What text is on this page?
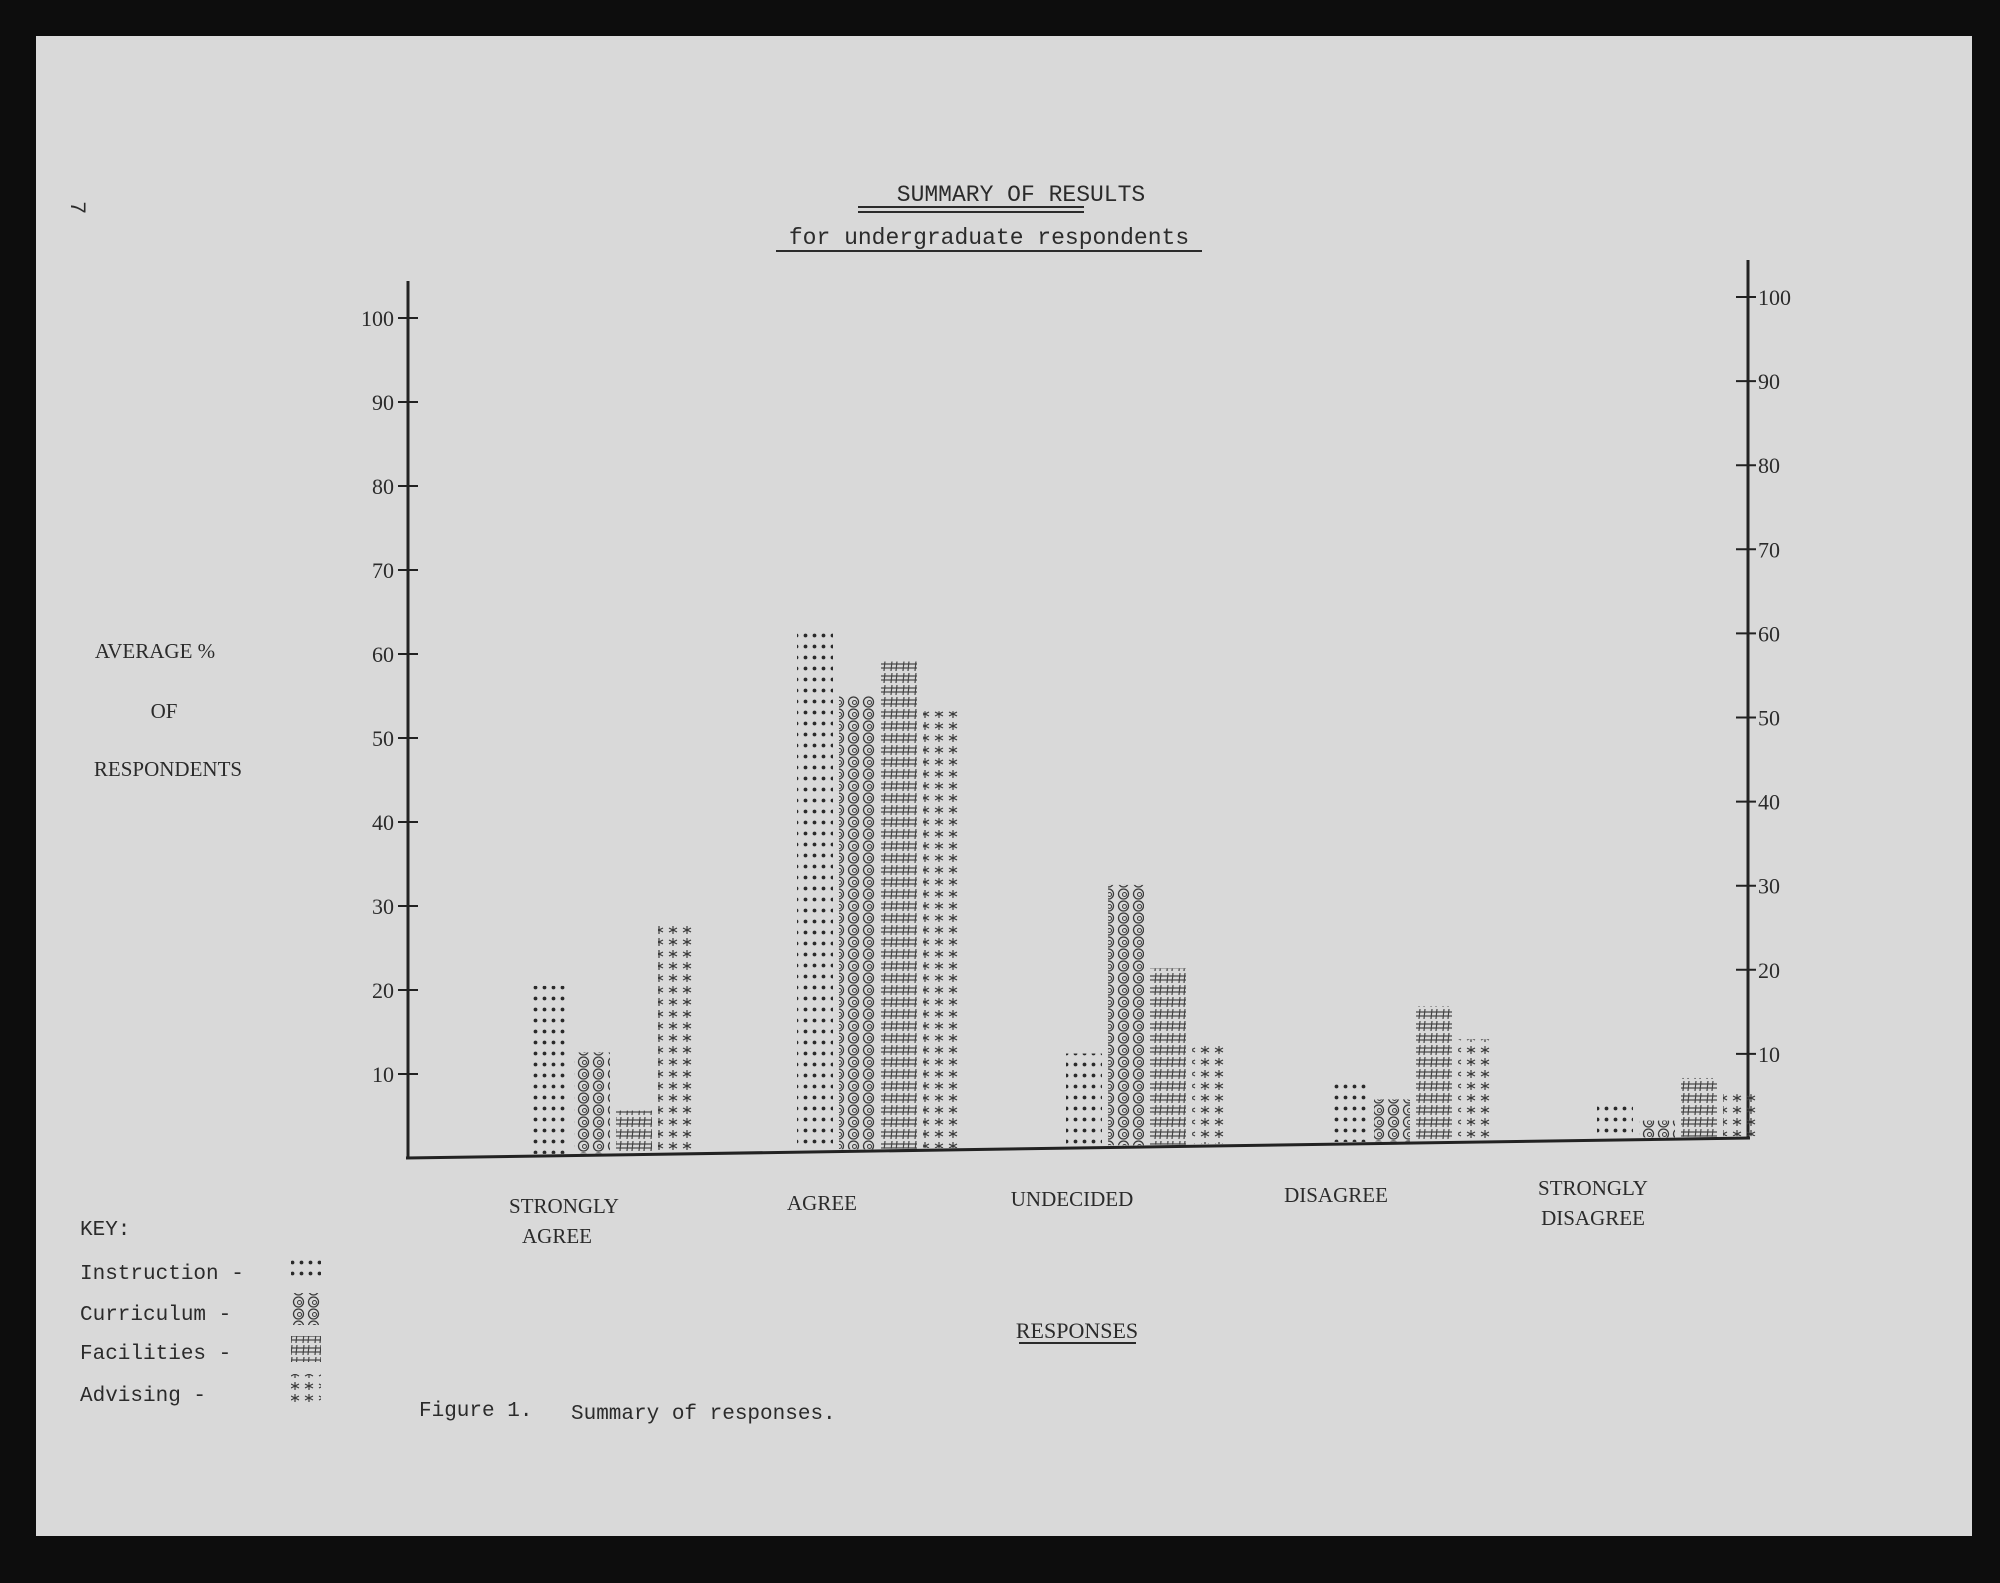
7	SUMMARY OF RESULTS
for undergraduate respondents
AVERAGE %
OF
RESPONDENTS
STRONGLY
AGREE
AGREE	UNDECIDED	DISAGREE	STRONGLY
DISAGREE
RESPONSES
KEY:
Instruction -
Curriculum -
Facilities -
Advising -
Figure 1. Summary of responses.
10
20
30
40
50
60
70
80
90
100
10
20
30
40
50
60
70
80
90
100
